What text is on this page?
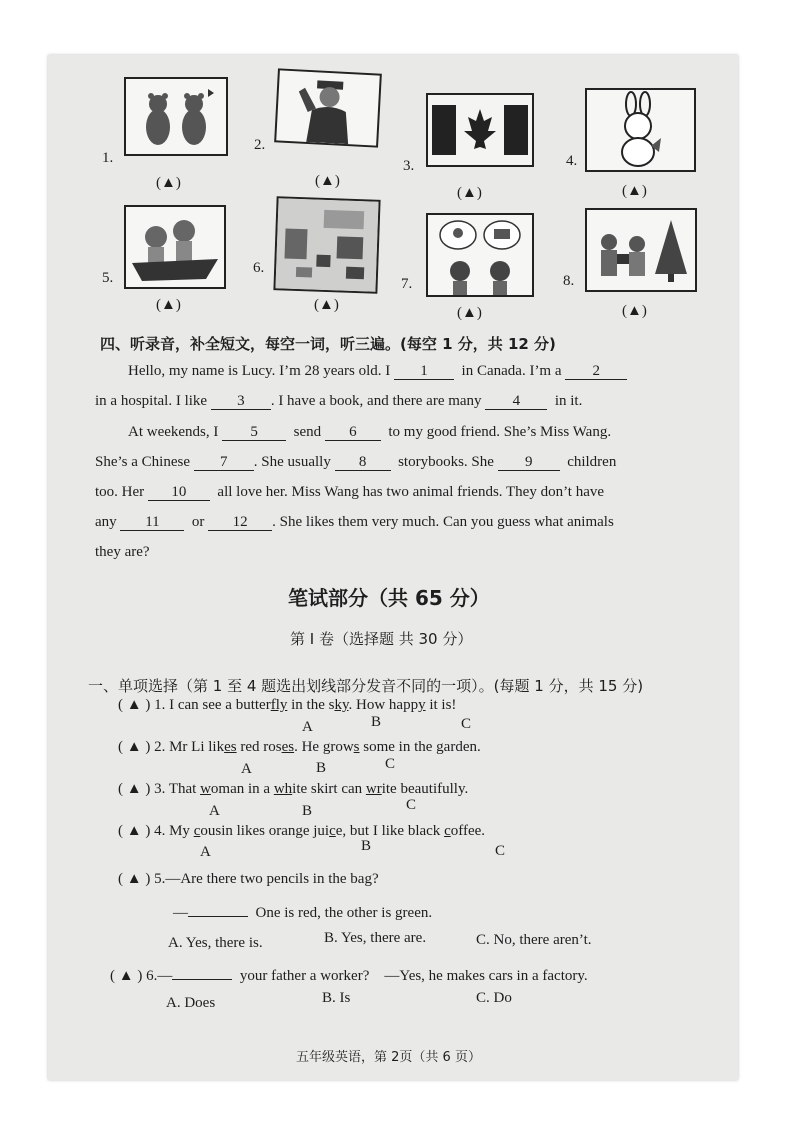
1.
(▲)
2.
(▲)
3.
(▲)
4.
(▲)
5.
(▲)
6.
(▲)
7.
(▲)
8.
(▲)
四、听录音，补全短文，每空一词，听三遍。(每空 1 分，共 12 分)
Hello, my name is Lucy. I’m 28 years old. I 1 in Canada. I’m a 2
in a hospital. I like 3 . I have a book, and there are many 4 in it.
At weekends, I 5 send 6 to my good friend. She’s Miss Wang.
She’s a Chinese 7 . She usually 8 storybooks. She 9 children
too. Her 10 all love her. Miss Wang has two animal friends. They don’t have
any 11 or 12 . She likes them very much. Can you guess what animals
they are?
笔试部分（共 65 分）
第 I 卷（选择题 共 30 分）
一、单项选择（第 1 至 4 题选出划线部分发音不同的一项）。(每题 1 分，共 15 分)
( ▲ ) 1. I can see a butterfly in the sky. How happy it is!
A	B	C
( ▲ ) 2. Mr Li likes red roses. He grows some in the garden.
A	B	C
( ▲ ) 3. That woman in a white skirt can write beautifully.
A	B	C
( ▲ ) 4. My cousin likes orange juice, but I like black coffee.
A	B	C
( ▲ ) 5.—Are there two pencils in the bag?
—	One is red, the other is green.
A. Yes, there is.	B. Yes, there are.	C. No, there aren’t.
( ▲ ) 6.—	your father a worker? —Yes, he makes cars in a factory.
A. Does	B. Is	C. Do
五年级英语，第 2页（共 6 页）
